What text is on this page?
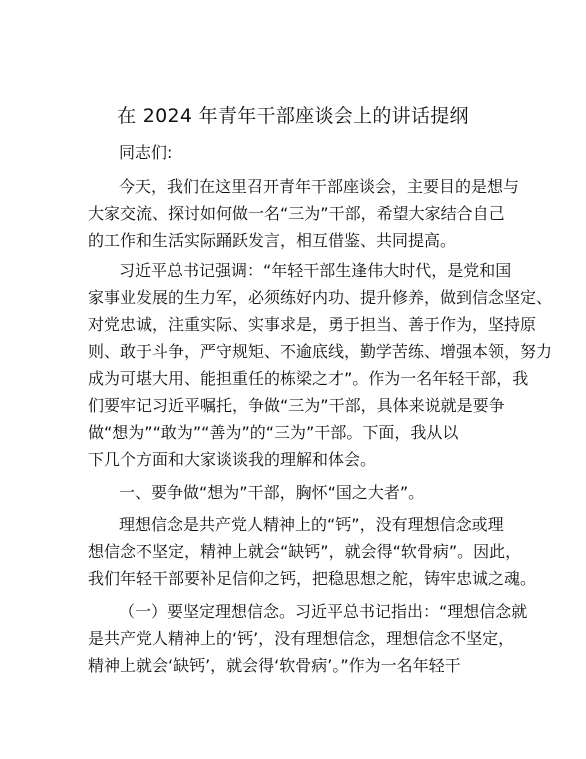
在 2024 年青年干部座谈会上的讲话提纲
同志们:
今天，我们在这里召开青年干部座谈会，主要目的是想与
大家交流、探讨如何做一名“三为”干部，希望大家结合自己
的工作和生活实际踊跃发言，相互借鉴、共同提高。
习近平总书记强调：“年轻干部生逢伟大时代，是党和国
家事业发展的生力军，必须练好内功、提升修养，做到信念坚定、
对党忠诚，注重实际、实事求是，勇于担当、善于作为，坚持原
则、敢于斗争，严守规矩、不逾底线，勤学苦练、增强本领，努力
成为可堪大用、能担重任的栋梁之才”。作为一名年轻干部，我
们要牢记习近平嘱托，争做“三为”干部，具体来说就是要争
做“想为”“敢为”“善为”的“三为”干部。下面，我从以
下几个方面和大家谈谈我的理解和体会。
一、要争做“想为”干部，胸怀“国之大者”。
理想信念是共产党人精神上的“钙”，没有理想信念或理
想信念不坚定，精神上就会“缺钙”，就会得“软骨病”。因此，
我们年轻干部要补足信仰之钙，把稳思想之舵，铸牢忠诚之魂。
（一）要坚定理想信念。习近平总书记指出：“理想信念就
是共产党人精神上的‘钙’，没有理想信念，理想信念不坚定，
精神上就会‘缺钙’，就会得‘软骨病’。”作为一名年轻干
